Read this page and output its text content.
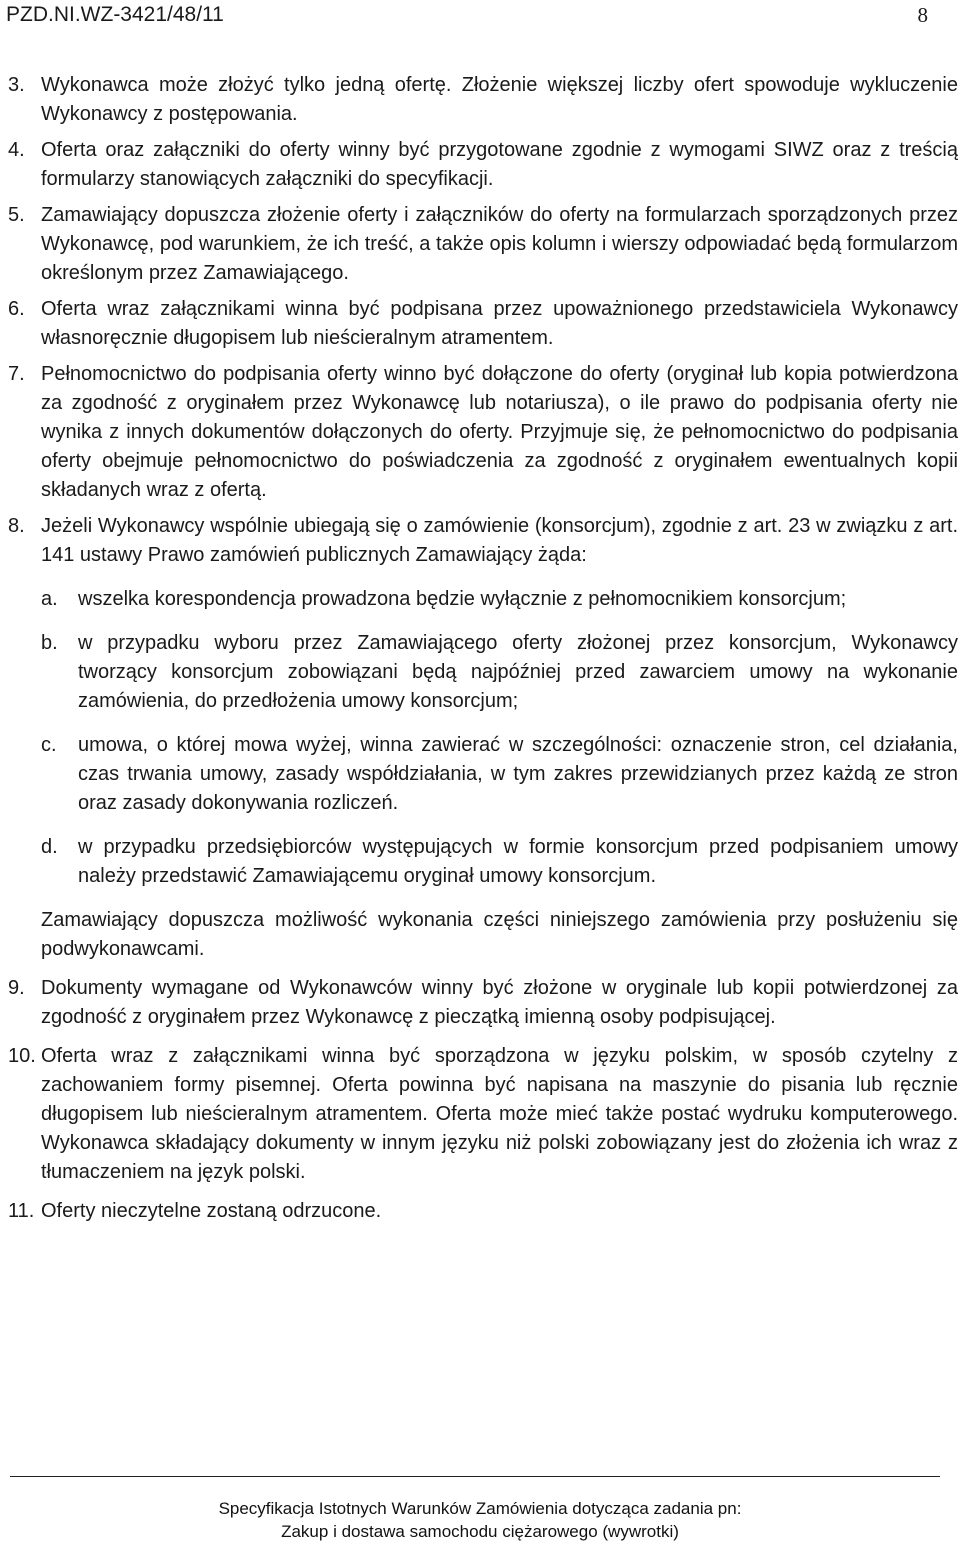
PZD.NI.WZ-3421/48/11	8
3. Wykonawca może złożyć tylko jedną ofertę. Złożenie większej liczby ofert spowoduje wykluczenie Wykonawcy z postępowania.
4. Oferta oraz załączniki do oferty winny być przygotowane zgodnie z wymogami SIWZ oraz z treścią formularzy stanowiących załączniki do specyfikacji.
5. Zamawiający dopuszcza złożenie oferty i załączników do oferty na formularzach sporządzonych przez Wykonawcę, pod warunkiem, że ich treść, a także opis kolumn i wierszy odpowiadać będą formularzom określonym przez Zamawiającego.
6. Oferta wraz załącznikami winna być podpisana przez upoważnionego przedstawiciela Wykonawcy własnoręcznie długopisem lub nieścieralnym atramentem.
7. Pełnomocnictwo do podpisania oferty winno być dołączone do oferty (oryginał lub kopia potwierdzona za zgodność z oryginałem przez Wykonawcę lub notariusza), o ile prawo do podpisania oferty nie wynika z innych dokumentów dołączonych do oferty. Przyjmuje się, że pełnomocnictwo do podpisania oferty obejmuje pełnomocnictwo do poświadczenia za zgodność z oryginałem ewentualnych kopii składanych wraz z ofertą.
8. Jeżeli Wykonawcy wspólnie ubiegają się o zamówienie (konsorcjum), zgodnie z art. 23 w związku z art. 141 ustawy Prawo zamówień publicznych Zamawiający żąda:
a.	wszelka korespondencja prowadzona będzie wyłącznie z pełnomocnikiem konsorcjum;
b.	w przypadku wyboru przez Zamawiającego oferty złożonej przez konsorcjum, Wykonawcy tworzący konsorcjum zobowiązani będą najpóźniej przed zawarciem umowy na wykonanie zamówienia, do przedłożenia umowy konsorcjum;
c.	umowa, o której mowa wyżej, winna zawierać w szczególności: oznaczenie stron, cel działania, czas trwania umowy, zasady współdziałania, w tym zakres przewidzianych przez każdą ze stron oraz zasady dokonywania rozliczeń.
d.	w przypadku przedsiębiorców występujących w formie konsorcjum przed podpisaniem umowy należy przedstawić Zamawiającemu oryginał umowy konsorcjum.
Zamawiający dopuszcza możliwość wykonania części niniejszego zamówienia przy posłużeniu się podwykonawcami.
9. Dokumenty wymagane od Wykonawców winny być złożone w oryginale lub kopii potwierdzonej za zgodność z oryginałem przez Wykonawcę z pieczątką imienną osoby podpisującej.
10. Oferta wraz z załącznikami winna być sporządzona w języku polskim, w sposób czytelny z zachowaniem formy pisemnej. Oferta powinna być napisana na maszynie do pisania lub ręcznie długopisem lub nieścieralnym atramentem. Oferta może mieć także postać wydruku komputerowego. Wykonawca składający dokumenty w innym języku niż polski zobowiązany jest do złożenia ich wraz z tłumaczeniem na język polski.
11. Oferty nieczytelne zostaną odrzucone.
Specyfikacja Istotnych Warunków Zamówienia dotycząca zadania pn:
Zakup i dostawa samochodu ciężarowego (wywrotki)
